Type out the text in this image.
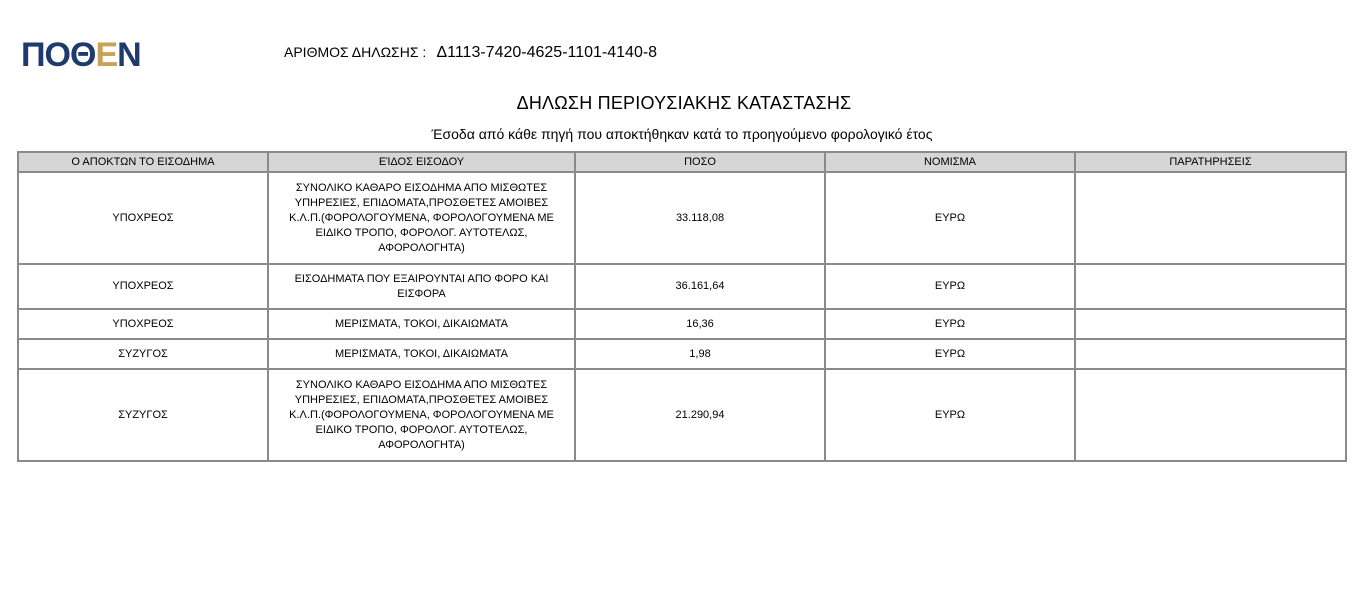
ΠΟΘΕΝ	ΑΡΙΘΜΟΣ ΔΗΛΩΣΗΣ : Δ1113-7420-4625-1101-4140-8
ΔΗΛΩΣΗ ΠΕΡΙΟΥΣΙΑΚΗΣ ΚΑΤΑΣΤΑΣΗΣ
Έσοδα από κάθε πηγή που αποκτήθηκαν κατά το προηγούμενο φορολογικό έτος
Ο ΑΠΟΚΤΩΝ ΤΟ ΕΙΣΟΔΗΜΑ	ΕΊΔΟΣ ΕΙΣΟΔΟΥ	ΠΟΣΟ	ΝΟΜΙΣΜΑ	ΠΑΡΑΤΗΡΗΣΕΙΣ
ΥΠΟΧΡΕΟΣ	ΣΥΝΟΛΙΚΟ ΚΑΘΑΡΟ ΕΙΣΟΔΗΜΑ ΑΠΟ ΜΙΣΘΩΤΕΣ ΥΠΗΡΕΣΙΕΣ, ΕΠΙΔΟΜΑΤΑ,ΠΡΟΣΘΕΤΕΣ ΑΜΟΙΒΕΣ Κ.Λ.Π.(ΦΟΡΟΛΟΓΟΥΜΕΝΑ, ΦΟΡΟΛΟΓΟΥΜΕΝΑ ΜΕ ΕΙΔΙΚΟ ΤΡΟΠΟ, ΦΟΡΟΛΟΓ. ΑΥΤΟΤΕΛΩΣ, ΑΦΟΡΟΛΟΓΗΤΑ)	33.118,08	ΕΥΡΩ	
ΥΠΟΧΡΕΟΣ	ΕΙΣΟΔΗΜΑΤΑ ΠΟΥ ΕΞΑΙΡΟΥΝΤΑΙ ΑΠΟ ΦΟΡΟ ΚΑΙ ΕΙΣΦΟΡΑ	36.161,64	ΕΥΡΩ	
ΥΠΟΧΡΕΟΣ	ΜΕΡΙΣΜΑΤΑ, ΤΟΚΟΙ, ΔΙΚΑΙΩΜΑΤΑ	16,36	ΕΥΡΩ	
ΣΥΖΥΓΟΣ	ΜΕΡΙΣΜΑΤΑ, ΤΟΚΟΙ, ΔΙΚΑΙΩΜΑΤΑ	1,98	ΕΥΡΩ	
ΣΥΖΥΓΟΣ	ΣΥΝΟΛΙΚΟ ΚΑΘΑΡΟ ΕΙΣΟΔΗΜΑ ΑΠΟ ΜΙΣΘΩΤΕΣ ΥΠΗΡΕΣΙΕΣ, ΕΠΙΔΟΜΑΤΑ,ΠΡΟΣΘΕΤΕΣ ΑΜΟΙΒΕΣ Κ.Λ.Π.(ΦΟΡΟΛΟΓΟΥΜΕΝΑ, ΦΟΡΟΛΟΓΟΥΜΕΝΑ ΜΕ ΕΙΔΙΚΟ ΤΡΟΠΟ, ΦΟΡΟΛΟΓ. ΑΥΤΟΤΕΛΩΣ, ΑΦΟΡΟΛΟΓΗΤΑ)	21.290,94	ΕΥΡΩ	
